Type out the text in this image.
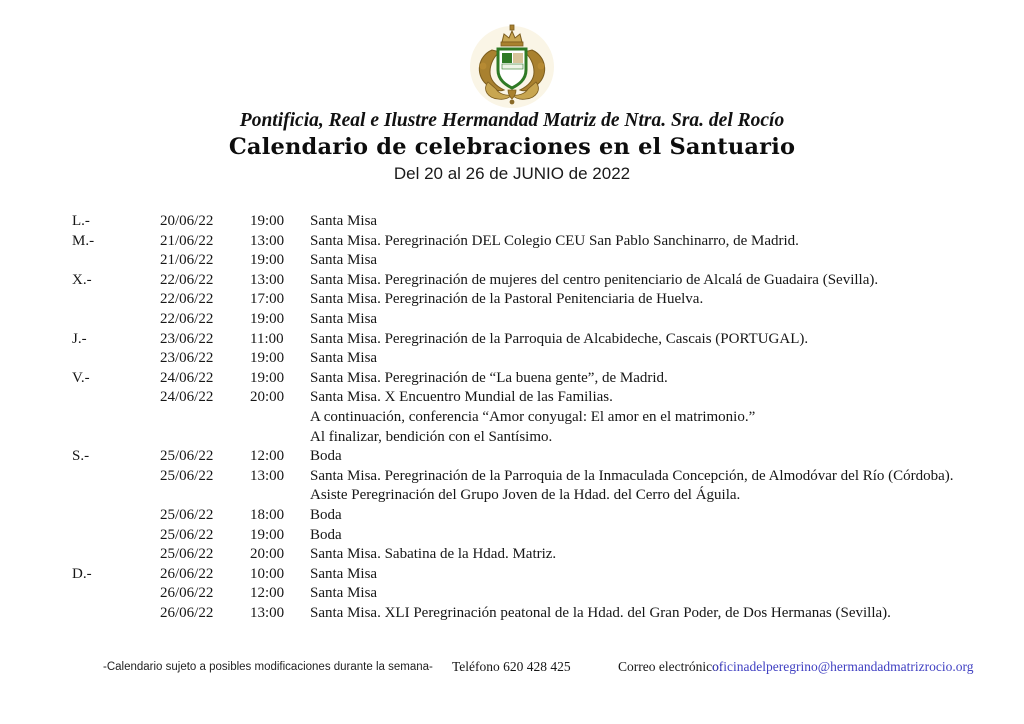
Pontificia, Real e Ilustre Hermandad Matriz de Ntra. Sra. del Rocío
Calendario de celebraciones en el Santuario
Del 20 al 26 de JUNIO de 2022
L.-	20/06/22	19:00	Santa Misa
M.-	21/06/22	13:00	Santa Misa. Peregrinación DEL Colegio CEU San Pablo Sanchinarro, de Madrid.
21/06/22	19:00	Santa Misa
X.-	22/06/22	13:00	Santa Misa. Peregrinación de mujeres del centro penitenciario de Alcalá de Guadaira (Sevilla).
22/06/22	17:00	Santa Misa. Peregrinación de la Pastoral Penitenciaria de Huelva.
22/06/22	19:00	Santa Misa
J.-	23/06/22	11:00	Santa Misa. Peregrinación de la Parroquia de Alcabideche, Cascais (PORTUGAL).
23/06/22	19:00	Santa Misa
V.-	24/06/22	19:00	Santa Misa. Peregrinación de “La buena gente”, de Madrid.
24/06/22	20:00	Santa Misa. X Encuentro Mundial de las Familias.
A continuación, conferencia “Amor conyugal: El amor en el matrimonio.”
Al finalizar, bendición con el Santísimo.
S.-	25/06/22	12:00	Boda
25/06/22	13:00	Santa Misa. Peregrinación de la Parroquia de la Inmaculada Concepción, de Almodóvar del Río (Córdoba).
Asiste Peregrinación del Grupo Joven de la Hdad. del Cerro del Águila.
25/06/22	18:00	Boda
25/06/22	19:00	Boda
25/06/22	20:00	Santa Misa. Sabatina de la Hdad. Matriz.
D.-	26/06/22	10:00	Santa Misa
26/06/22	12:00	Santa Misa
26/06/22	13:00	Santa Misa. XLI Peregrinación peatonal de la Hdad. del Gran Poder, de Dos Hermanas (Sevilla).
-Calendario sujeto a posibles modificaciones durante la semana- Teléfono 620 428 425	Correo electrónico:
oficinadelperegrino@hermandadmatrizrocio.org
